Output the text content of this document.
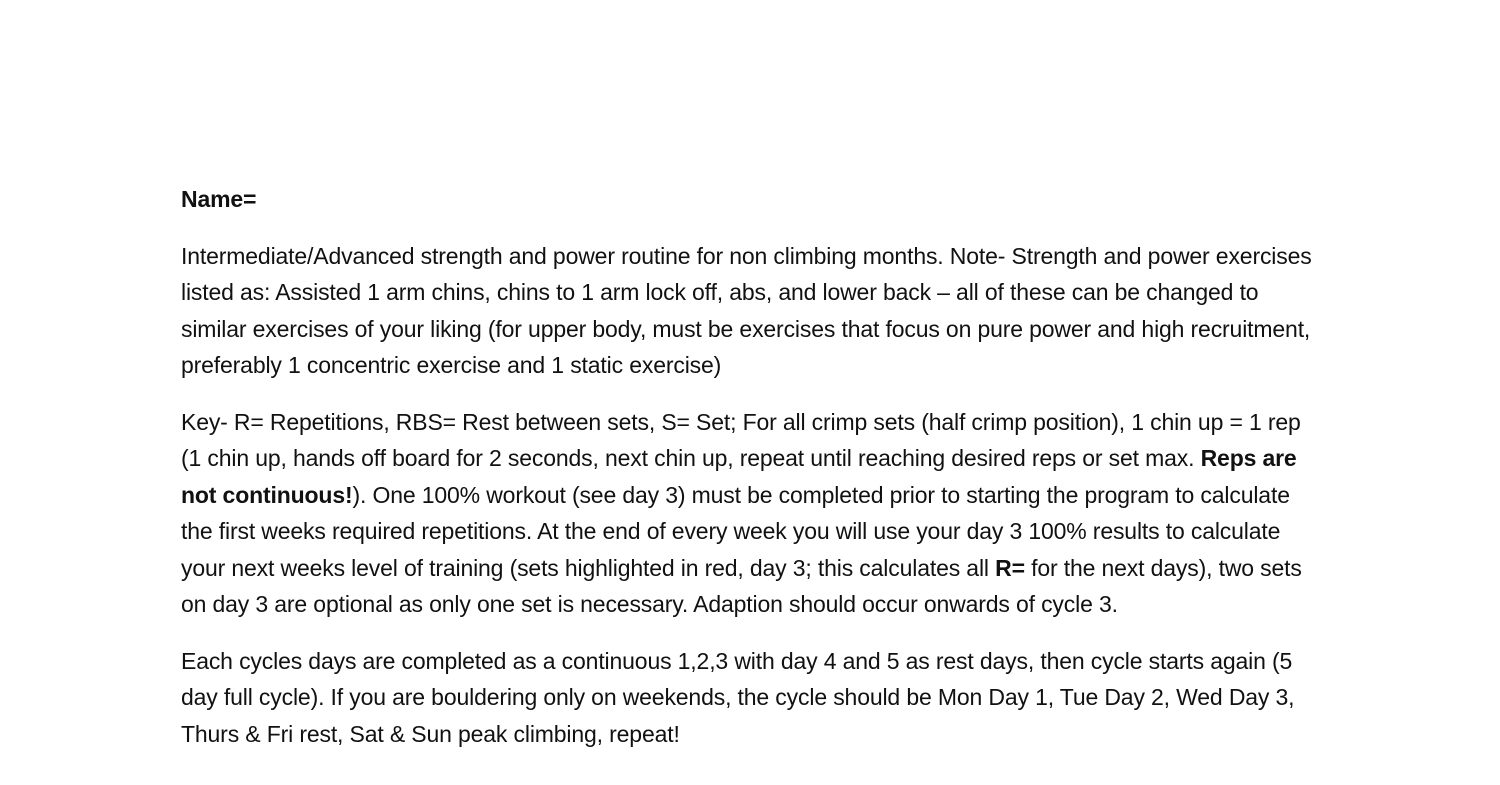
Name=

Intermediate/Advanced strength and power routine for non climbing months. Note- Strength and power exercises listed as: Assisted 1 arm chins, chins to 1 arm lock off, abs, and lower back – all of these can be changed to similar exercises of your liking (for upper body, must be exercises that focus on pure power and high recruitment, preferably 1 concentric exercise and 1 static exercise)

Key- R= Repetitions, RBS= Rest between sets, S= Set; For all crimp sets (half crimp position), 1 chin up = 1 rep (1 chin up, hands off board for 2 seconds, next chin up, repeat until reaching desired reps or set max. Reps are not continuous!). One 100% workout (see day 3) must be completed prior to starting the program to calculate the first weeks required repetitions. At the end of every week you will use your day 3 100% results to calculate your next weeks level of training (sets highlighted in red, day 3; this calculates all R= for the next days), two sets on day 3 are optional as only one set is necessary. Adaption should occur onwards of cycle 3.

Each cycles days are completed as a continuous 1,2,3 with day 4 and 5 as rest days, then cycle starts again (5 day full cycle). If you are bouldering only on weekends, the cycle should be Mon Day 1, Tue Day 2, Wed Day 3, Thurs & Fri rest, Sat & Sun peak climbing, repeat!
